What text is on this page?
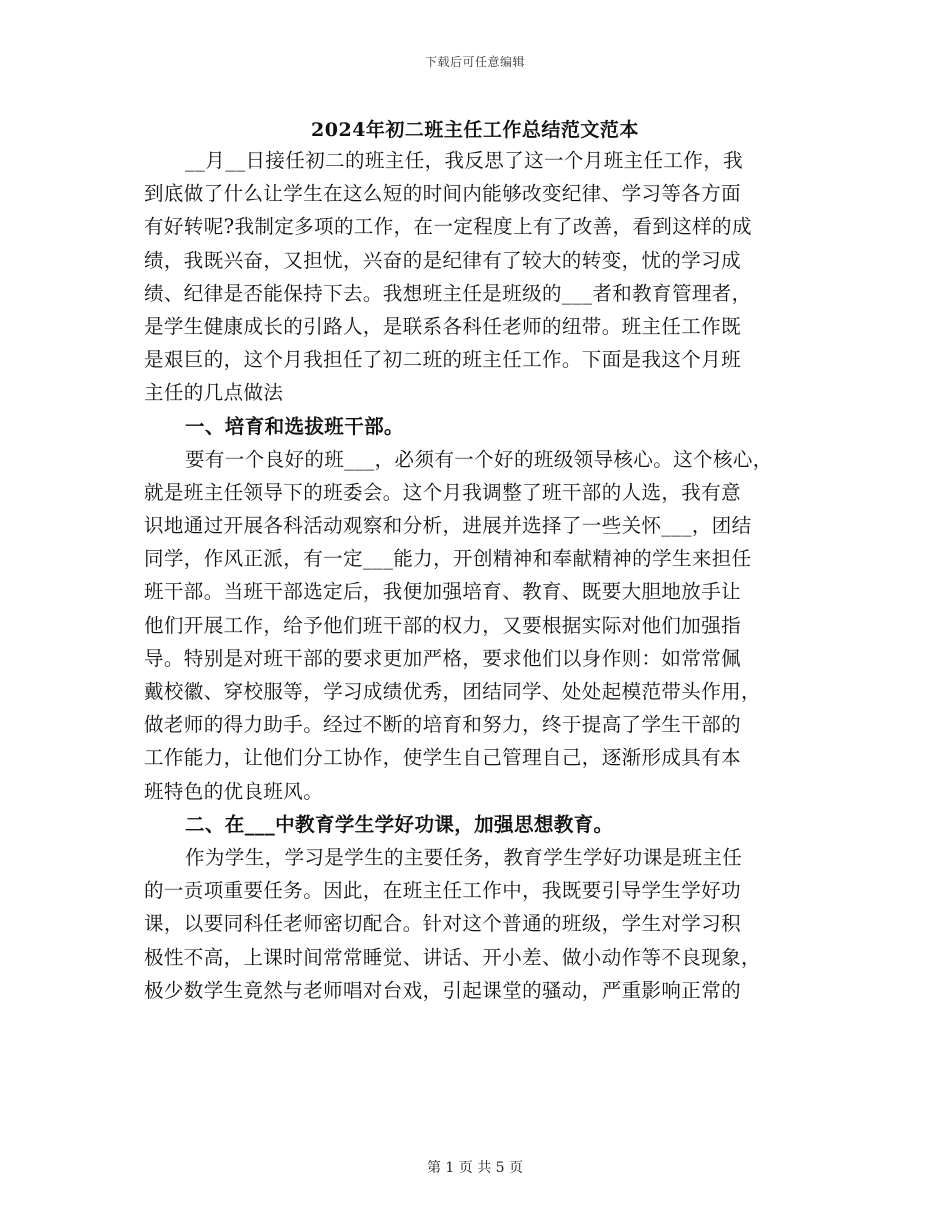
下载后可任意编辑
2024年初二班主任工作总结范文范本
__月__日接任初二的班主任，我反思了这一个月班主任工作，我
到底做了什么让学生在这么短的时间内能够改变纪律、学习等各方面
有好转呢?我制定多项的工作，在一定程度上有了改善，看到这样的成
绩，我既兴奋，又担忧，兴奋的是纪律有了较大的转变，忧的学习成
绩、纪律是否能保持下去。我想班主任是班级的___者和教育管理者，
是学生健康成长的引路人，是联系各科任老师的纽带。班主任工作既
是艰巨的，这个月我担任了初二班的班主任工作。下面是我这个月班
主任的几点做法
一、培育和选拔班干部。
要有一个良好的班___，必须有一个好的班级领导核心。这个核心，
就是班主任领导下的班委会。这个月我调整了班干部的人选，我有意
识地通过开展各科活动观察和分析，进展并选择了一些关怀___，团结
同学，作风正派，有一定___能力，开创精神和奉献精神的学生来担任
班干部。当班干部选定后，我便加强培育、教育、既要大胆地放手让
他们开展工作，给予他们班干部的权力，又要根据实际对他们加强指
导。特别是对班干部的要求更加严格，要求他们以身作则：如常常佩
戴校徽、穿校服等，学习成绩优秀，团结同学、处处起模范带头作用，
做老师的得力助手。经过不断的培育和努力，终于提高了学生干部的
工作能力，让他们分工协作，使学生自己管理自己，逐渐形成具有本
班特色的优良班风。
二、在___中教育学生学好功课，加强思想教育。
作为学生，学习是学生的主要任务，教育学生学好功课是班主任
的一贡项重要任务。因此，在班主任工作中，我既要引导学生学好功
课，以要同科任老师密切配合。针对这个普通的班级，学生对学习积
极性不高，上课时间常常睡觉、讲话、开小差、做小动作等不良现象，
极少数学生竟然与老师唱对台戏，引起课堂的骚动，严重影响正常的
第 1 页 共 5 页
